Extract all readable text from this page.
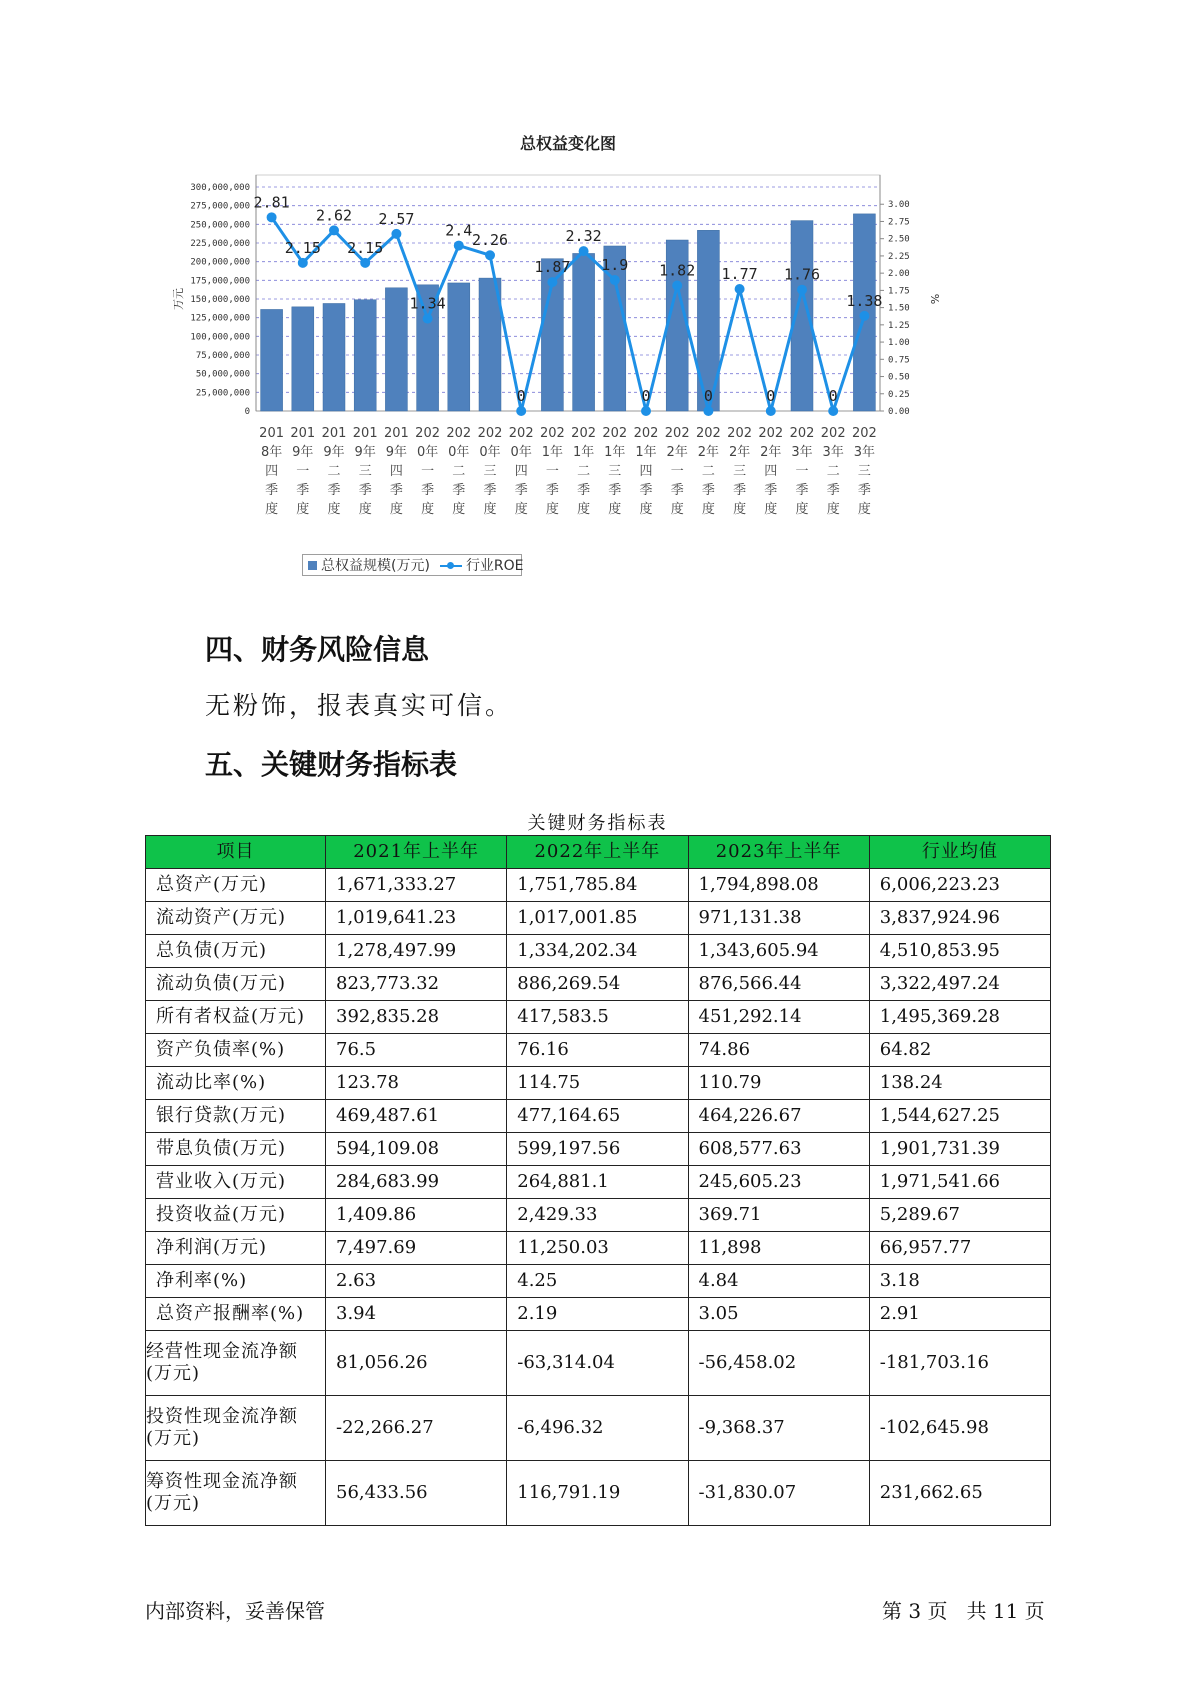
总权益变化图
0
25,000,000
50,000,000
75,000,000
100,000,000
125,000,000
150,000,000
175,000,000
200,000,000
225,000,000
250,000,000
275,000,000
300,000,000
0.00
0.25
0.50
0.75
1.00
1.25
1.50
1.75
2.00
2.25
2.50
2.75
3.00
万元	%
2.81
2.15
2.62
2.15
2.57
1.34
2.4
2.26
0
1.87
2.32
1.9
0
1.82
0
1.77
0
1.76
0
1.38
201
8年
四
季
度
201
9年
一
季
度
201
9年
二
季
度
201
9年
三
季
度
201
9年
四
季
度
202
0年
一
季
度
202
0年
二
季
度
202
0年
三
季
度
202
0年
四
季
度
202
1年
一
季
度
202
1年
二
季
度
202
1年
三
季
度
202
1年
四
季
度
202
2年
一
季
度
202
2年
二
季
度
202
2年
三
季
度
202
2年
四
季
度
202
3年
一
季
度
202
3年
二
季
度
202
3年
三
季
度
总权益规模(万元)	行业ROE
四、财务风险信息

无粉饰，报表真实可信。

五、关键财务指标表
关键财务指标表
项目	2021年上半年	2022年上半年	2023年上半年	行业均值
总资产(万元)	1,671,333.27	1,751,785.84	1,794,898.08	6,006,223.23
流动资产(万元)	1,019,641.23	1,017,001.85	971,131.38	3,837,924.96
总负债(万元)	1,278,497.99	1,334,202.34	1,343,605.94	4,510,853.95
流动负债(万元)	823,773.32	886,269.54	876,566.44	3,322,497.24
所有者权益(万元)	392,835.28	417,583.5	451,292.14	1,495,369.28
资产负债率(%)	76.5	76.16	74.86	64.82
流动比率(%)	123.78	114.75	110.79	138.24
银行贷款(万元)	469,487.61	477,164.65	464,226.67	1,544,627.25
带息负债(万元)	594,109.08	599,197.56	608,577.63	1,901,731.39
营业收入(万元)	284,683.99	264,881.1	245,605.23	1,971,541.66
投资收益(万元)	1,409.86	2,429.33	369.71	5,289.67
净利润(万元)	7,497.69	11,250.03	11,898	66,957.77
净利率(%)	2.63	4.25	4.84	3.18
总资产报酬率(%)	3.94	2.19	3.05	2.91
经营性现金流净额(万元)	81,056.26	-63,314.04	-56,458.02	-181,703.16
投资性现金流净额(万元)	-22,266.27	-6,496.32	-9,368.37	-102,645.98
筹资性现金流净额(万元)	56,433.56	116,791.19	-31,830.07	231,662.65
内部资料，妥善保管	第 3 页   共 11 页
